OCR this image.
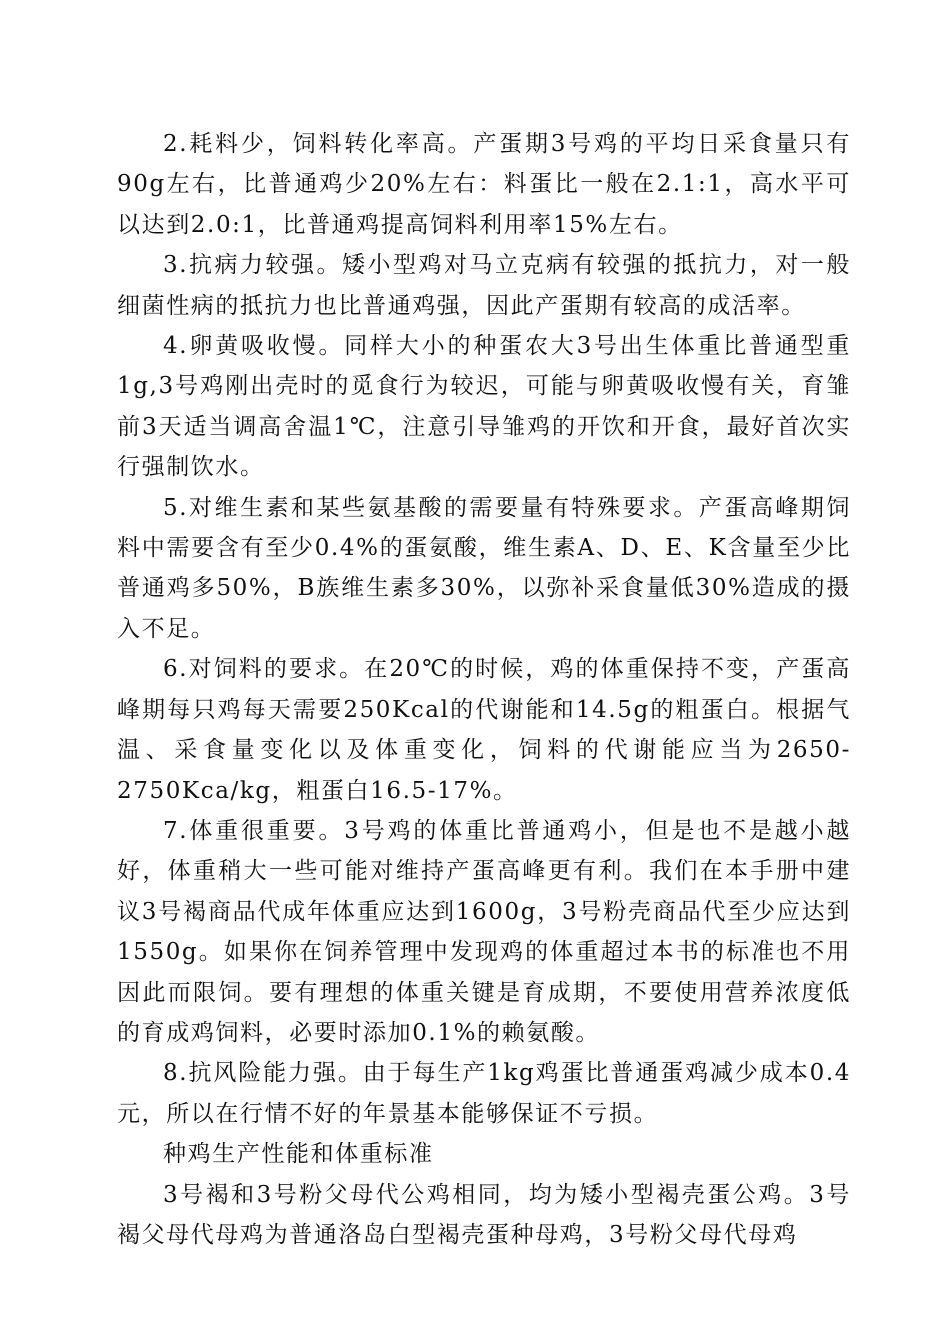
2.耗料少，饲料转化率高。产蛋期3号鸡的平均日采食量只有90g左右，比普通鸡少20%左右：料蛋比一般在2.1:1，高水平可以达到2.0:1，比普通鸡提高饲料利用率15%左右。

3.抗病力较强。矮小型鸡对马立克病有较强的抵抗力，对一般细菌性病的抵抗力也比普通鸡强，因此产蛋期有较高的成活率。

4.卵黄吸收慢。同样大小的种蛋农大3号出生体重比普通型重1g,3号鸡刚出壳时的觅食行为较迟，可能与卵黄吸收慢有关，育雏前3天适当调高舍温1℃，注意引导雏鸡的开饮和开食，最好首次实行强制饮水。

5.对维生素和某些氨基酸的需要量有特殊要求。产蛋高峰期饲料中需要含有至少0.4%的蛋氨酸，维生素A、D、E、K含量至少比普通鸡多50%，B族维生素多30%，以弥补采食量低30%造成的摄入不足。

6.对饲料的要求。在20℃的时候，鸡的体重保持不变，产蛋高峰期每只鸡每天需要250Kcal的代谢能和14.5g的粗蛋白。根据气温、采食量变化以及体重变化，饲料的代谢能应当为2650-2750Kca/kg，粗蛋白16.5-17%。

7.体重很重要。3号鸡的体重比普通鸡小，但是也不是越小越好，体重稍大一些可能对维持产蛋高峰更有利。我们在本手册中建议3号褐商品代成年体重应达到1600g，3号粉壳商品代至少应达到1550g。如果你在饲养管理中发现鸡的体重超过本书的标准也不用因此而限饲。要有理想的体重关键是育成期，不要使用营养浓度低的育成鸡饲料，必要时添加0.1%的赖氨酸。

8.抗风险能力强。由于每生产1kg鸡蛋比普通蛋鸡减少成本0.4元，所以在行情不好的年景基本能够保证不亏损。

种鸡生产性能和体重标准

3号褐和3号粉父母代公鸡相同，均为矮小型褐壳蛋公鸡。3号褐父母代母鸡为普通洛岛白型褐壳蛋种母鸡，3号粉父母代母鸡
